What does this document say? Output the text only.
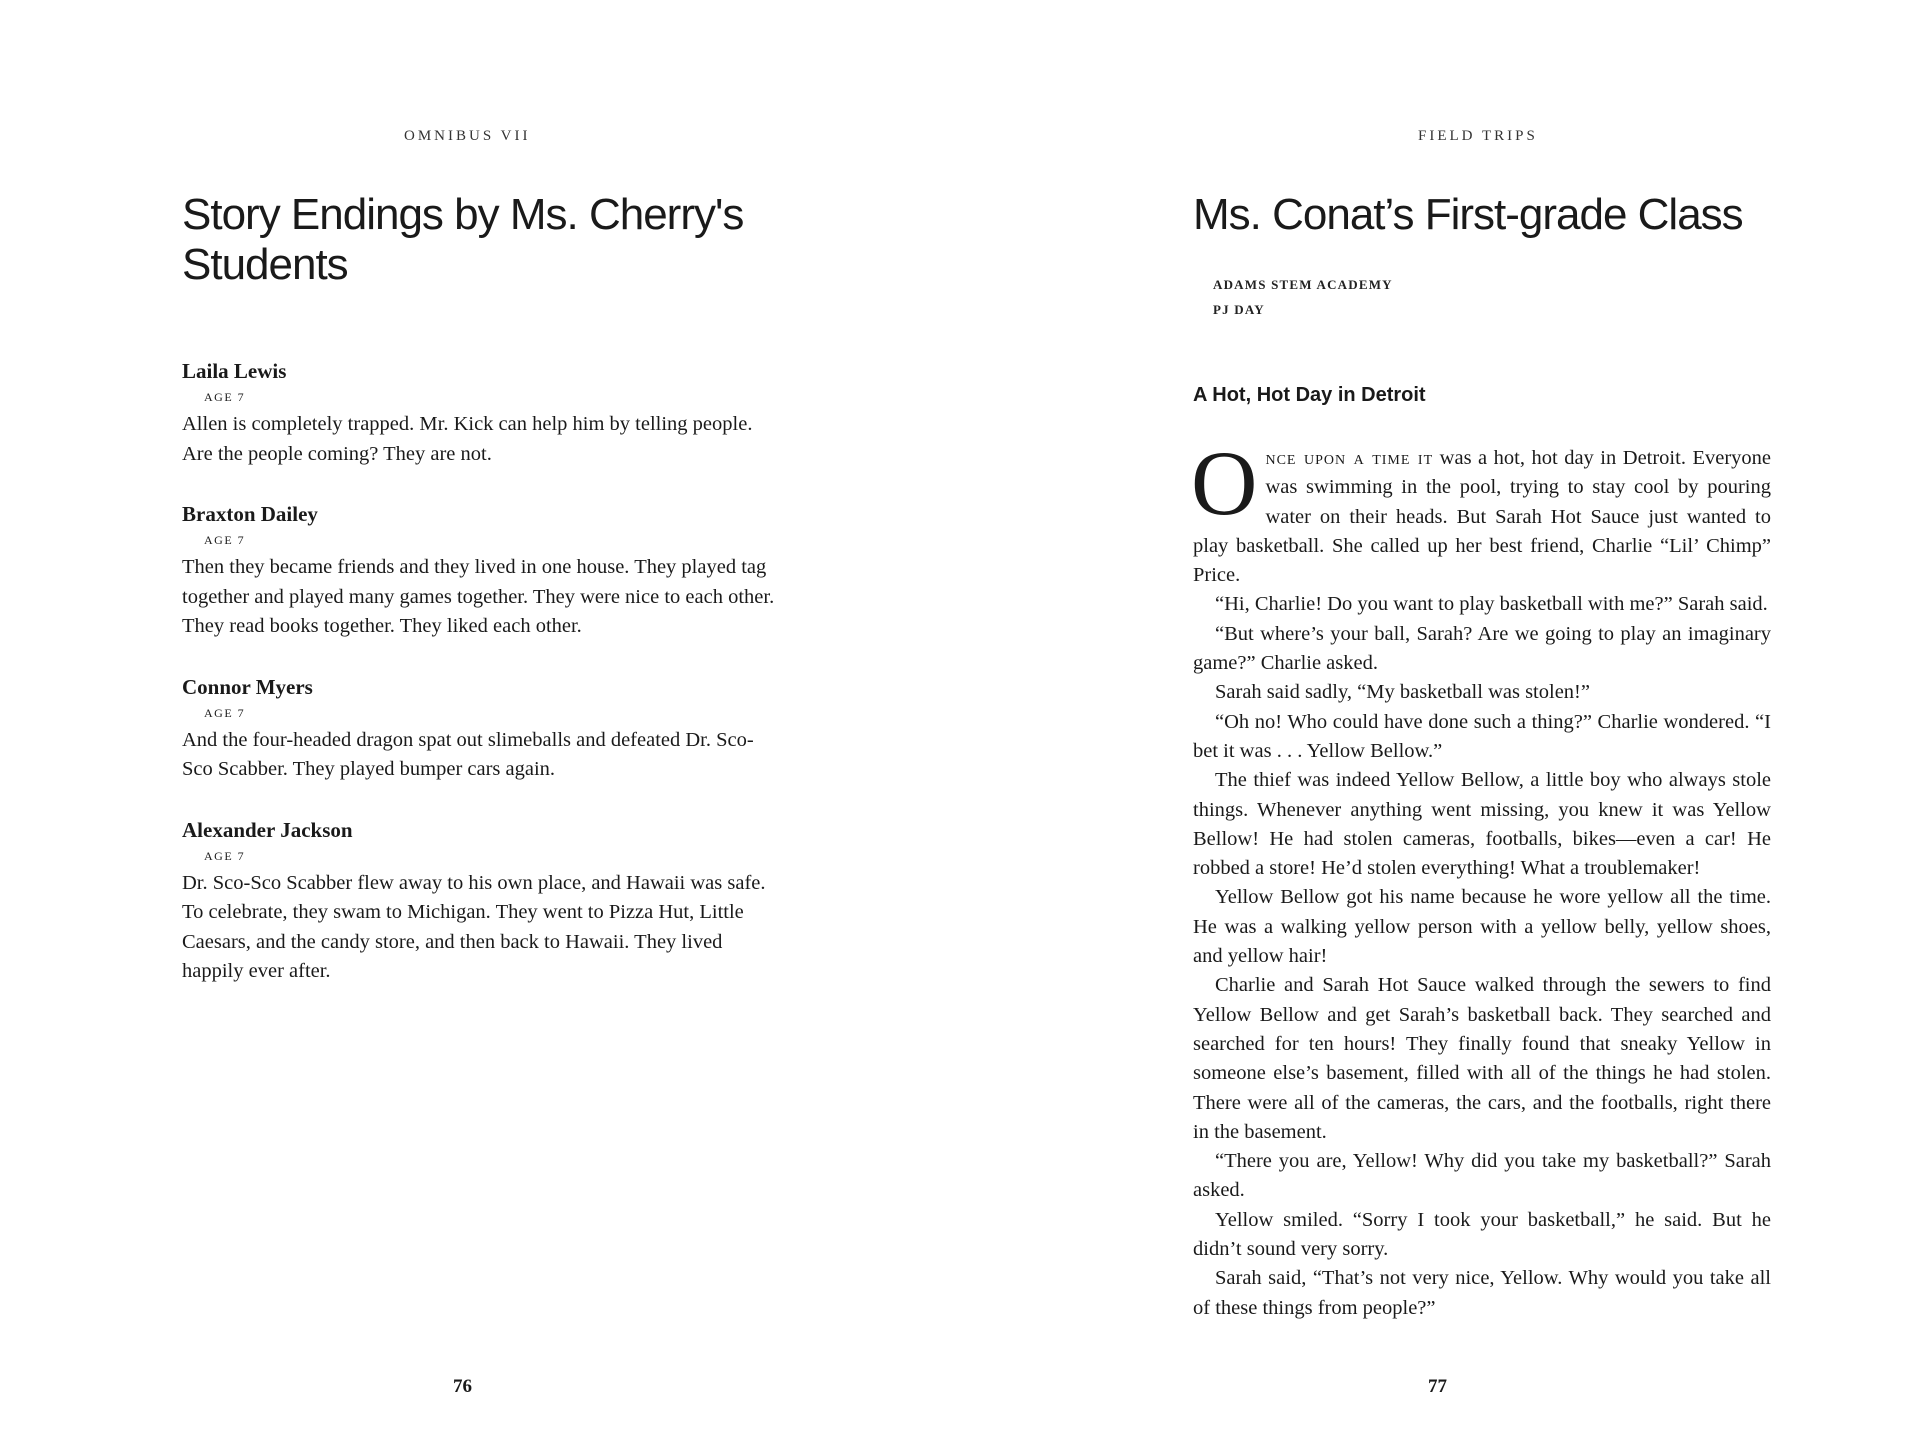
OMNIBUS VII
Story Endings by Ms. Cherry's Students
Laila Lewis
AGE 7
Allen is completely trapped. Mr. Kick can help him by telling people. Are the people coming? They are not.
Braxton Dailey
AGE 7
Then they became friends and they lived in one house. They played tag together and played many games together. They were nice to each other. They read books together. They liked each other.
Connor Myers
AGE 7
And the four-headed dragon spat out slimeballs and defeated Dr. Sco-Sco Scabber. They played bumper cars again.
Alexander Jackson
AGE 7
Dr. Sco-Sco Scabber flew away to his own place, and Hawaii was safe. To celebrate, they swam to Michigan. They went to Pizza Hut, Little Caesars, and the candy store, and then back to Hawaii. They lived happily ever after.
76
FIELD TRIPS
Ms. Conat’s First-grade Class
ADAMS STEM ACADEMY
PJ DAY
A Hot, Hot Day in Detroit

Once upon a time it was a hot, hot day in Detroit. Everyone was swimming in the pool, trying to stay cool by pouring water on their heads. But Sarah Hot Sauce just wanted to play basketball. She called up her best friend, Charlie “Lil’ Chimp” Price.

“Hi, Charlie! Do you want to play basketball with me?” Sarah said.

“But where’s your ball, Sarah? Are we going to play an imaginary game?” Charlie asked.

Sarah said sadly, “My basketball was stolen!”

“Oh no! Who could have done such a thing?” Charlie wondered. “I bet it was . . . Yellow Bellow.”

The thief was indeed Yellow Bellow, a little boy who always stole things. Whenever anything went missing, you knew it was Yellow Bellow! He had stolen cameras, footballs, bikes—even a car! He robbed a store! He’d stolen everything! What a troublemaker!

Yellow Bellow got his name because he wore yellow all the time. He was a walking yellow person with a yellow belly, yellow shoes, and yellow hair!

Charlie and Sarah Hot Sauce walked through the sewers to find Yellow Bellow and get Sarah’s basketball back. They searched and searched for ten hours! They finally found that sneaky Yellow in someone else’s basement, filled with all of the things he had stolen. There were all of the cameras, the cars, and the footballs, right there in the basement.

“There you are, Yellow! Why did you take my basketball?” Sarah asked.

Yellow smiled. “Sorry I took your basketball,” he said. But he didn’t sound very sorry.

Sarah said, “That’s not very nice, Yellow. Why would you take all of these things from people?”

77
